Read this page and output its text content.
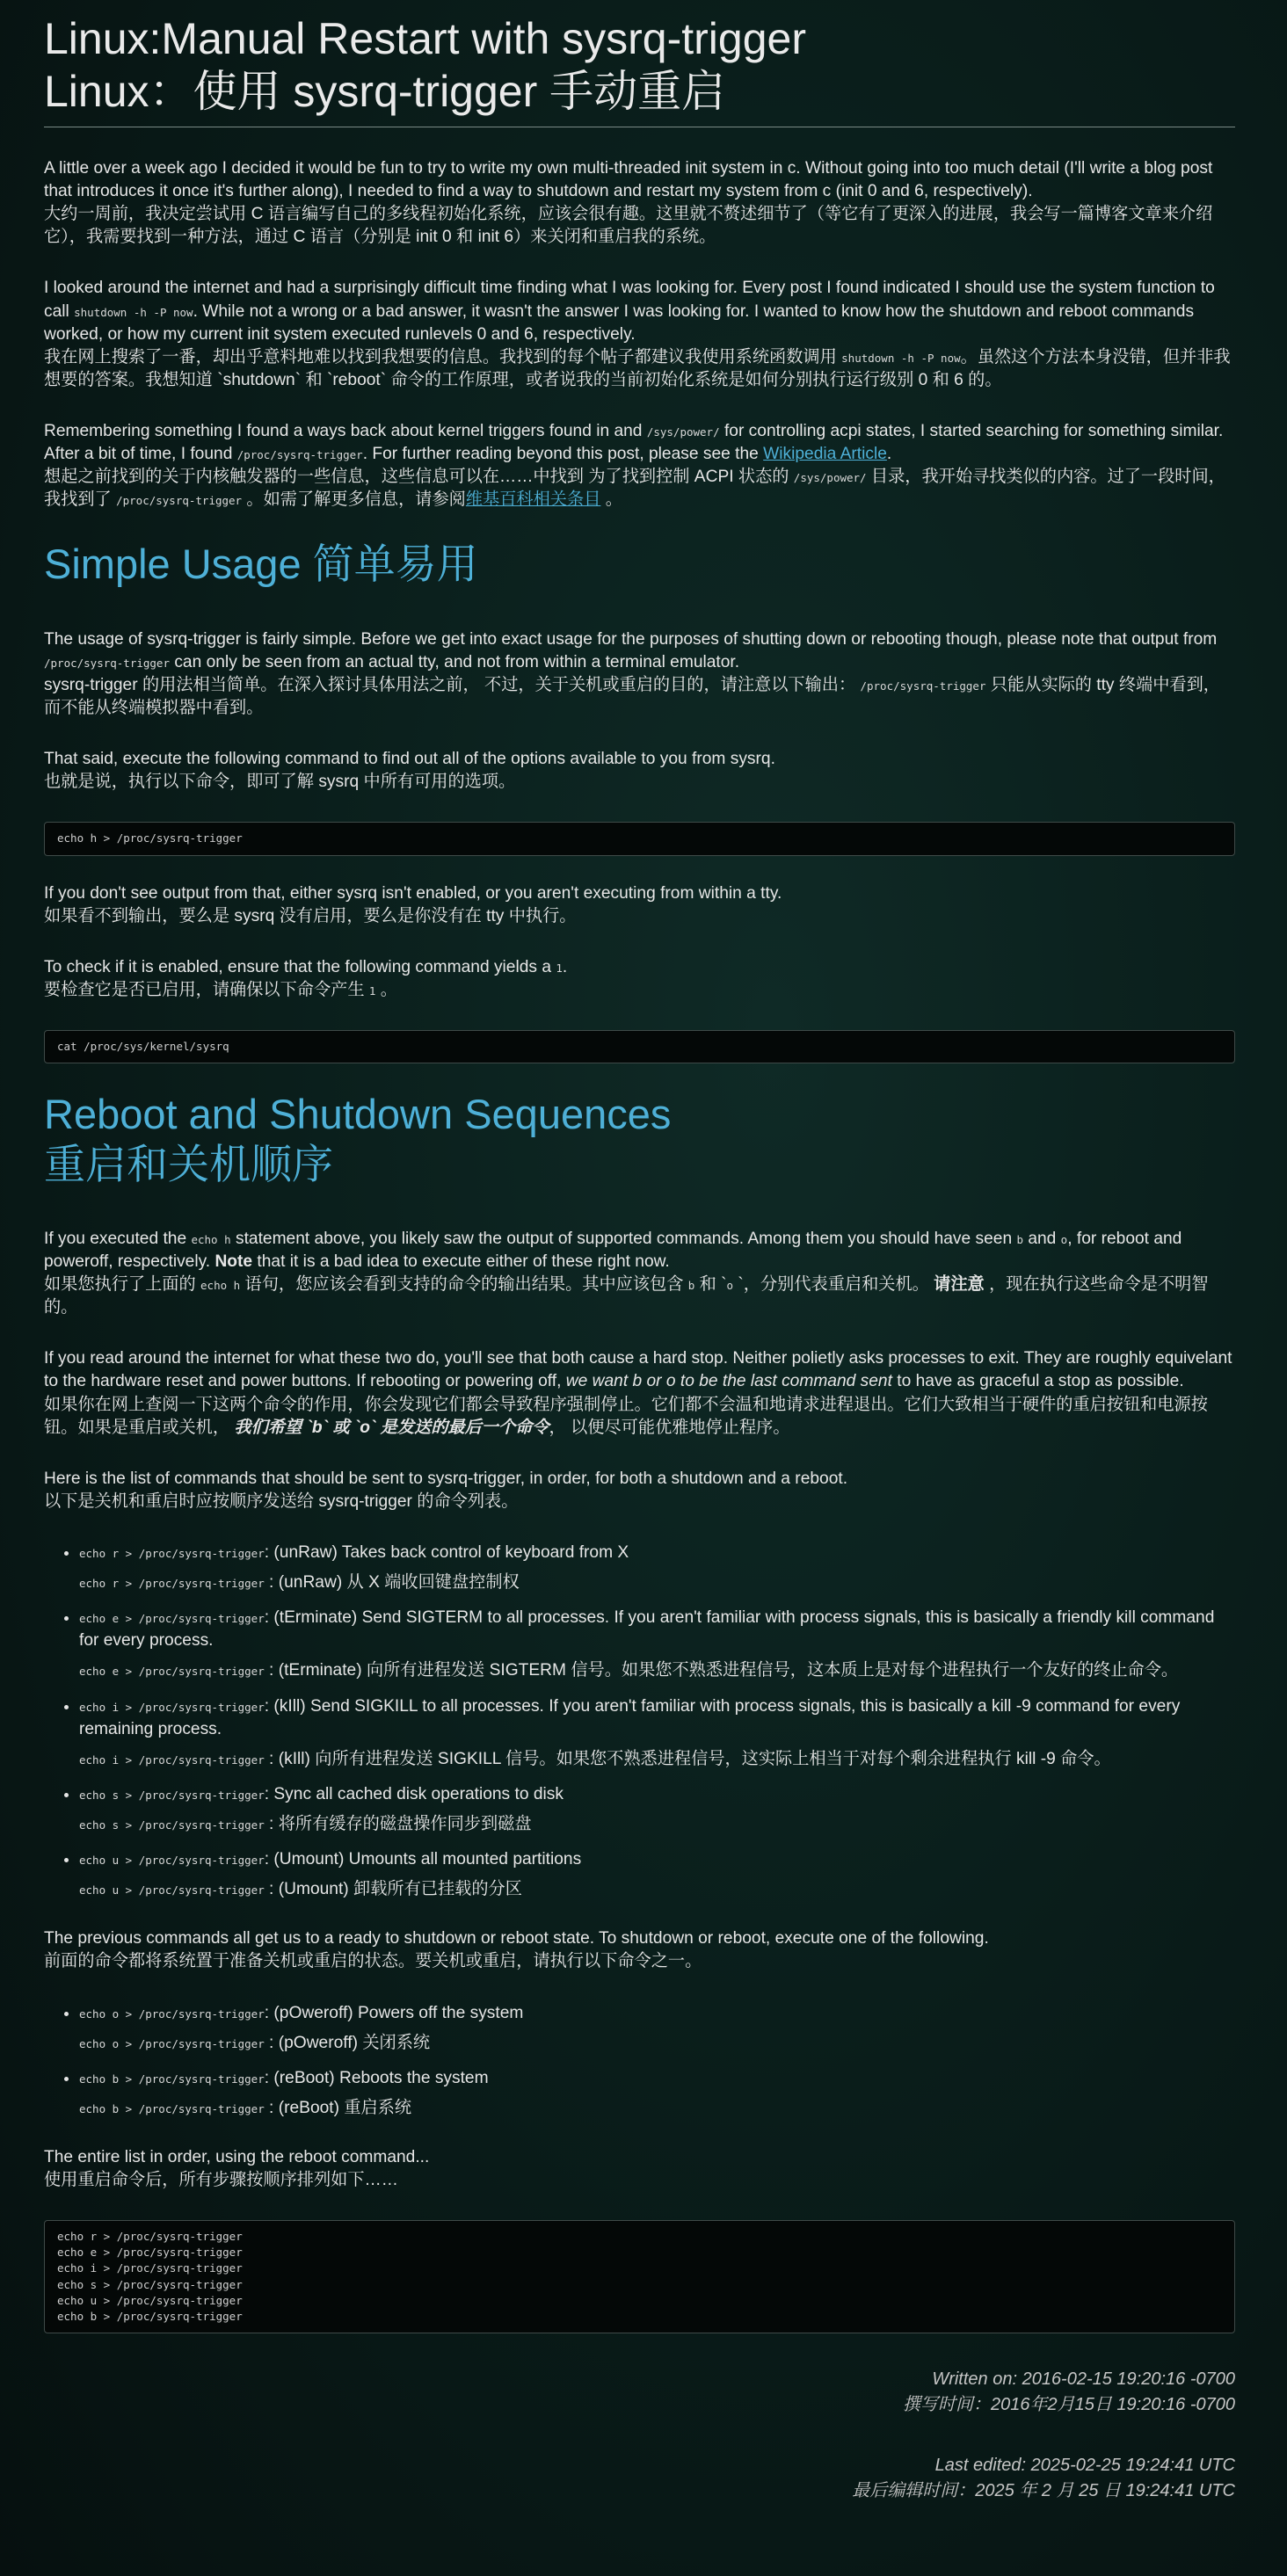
Linux:Manual Restart with sysrq-trigger
Linux：使用 sysrq-trigger 手动重启

A little over a week ago I decided it would be fun to try to write my own multi-threaded init system in c. Without going into too much detail (I'll write a blog post that introduces it once it's further along), I needed to find a way to shutdown and restart my system from c (init 0 and 6, respectively).
大约一周前，我决定尝试用 C 语言编写自己的多线程初始化系统，应该会很有趣。这里就不赘述细节了（等它有了更深入的进展，我会写一篇博客文章来介绍它），我需要找到一种方法，通过 C 语言（分别是 init 0 和 init 6）来关闭和重启我的系统。

I looked around the internet and had a surprisingly difficult time finding what I was looking for. Every post I found indicated I should use the system function to call shutdown -h -P now. While not a wrong or a bad answer, it wasn't the answer I was looking for. I wanted to know how the shutdown and reboot commands worked, or how my current init system executed runlevels 0 and 6, respectively.
我在网上搜索了一番，却出乎意料地难以找到我想要的信息。我找到的每个帖子都建议我使用系统函数调用 shutdown -h -P now。虽然这个方法本身没错，但并非我想要的答案。我想知道 `shutdown` 和 `reboot` 命令的工作原理，或者说我的当前初始化系统是如何分别执行运行级别 0 和 6 的。

Remembering something I found a ways back about kernel triggers found in and /sys/power/ for controlling acpi states, I started searching for something similar. After a bit of time, I found /proc/sysrq-trigger. For further reading beyond this post, please see the Wikipedia Article.
想起之前找到的关于内核触发器的一些信息，这些信息可以在……中找到 为了找到控制 ACPI 状态的 /sys/power/ 目录，我开始寻找类似的内容。过了一段时间，我找到了 /proc/sysrq-trigger 。如需了解更多信息，请参阅维基百科相关条目 。

Simple Usage 简单易用

The usage of sysrq-trigger is fairly simple. Before we get into exact usage for the purposes of shutting down or rebooting though, please note that output from /proc/sysrq-trigger can only be seen from an actual tty, and not from within a terminal emulator.
sysrq-trigger 的用法相当简单。在深入探讨具体用法之前， 不过，关于关机或重启的目的，请注意以下输出： /proc/sysrq-trigger 只能从实际的 tty 终端中看到，而不能从终端模拟器中看到。

That said, execute the following command to find out all of the options available to you from sysrq.
也就是说，执行以下命令，即可了解 sysrq 中所有可用的选项。

echo h > /proc/sysrq-trigger

If you don't see output from that, either sysrq isn't enabled, or you aren't executing from within a tty.
如果看不到输出，要么是 sysrq 没有启用，要么是你没有在 tty 中执行。

To check if it is enabled, ensure that the following command yields a 1.
要检查它是否已启用，请确保以下命令产生 1 。

cat /proc/sys/kernel/sysrq
Reboot and Shutdown Sequences
重启和关机顺序

If you executed the echo h statement above, you likely saw the output of supported commands. Among them you should have seen b and o, for reboot and poweroff, respectively. Note that it is a bad idea to execute either of these right now.
如果您执行了上面的 echo h 语句，您应该会看到支持的命令的输出结果。其中应该包含 b 和 `o `，分别代表重启和关机。 请注意 ，现在执行这些命令是不明智的。

If you read around the internet for what these two do, you'll see that both cause a hard stop. Neither polietly asks processes to exit. They are roughly equivelant to the hardware reset and power buttons. If rebooting or powering off, we want b or o to be the last command sent to have as graceful a stop as possible.
如果你在网上查阅一下这两个命令的作用，你会发现它们都会导致程序强制停止。它们都不会温和地请求进程退出。它们大致相当于硬件的重启按钮和电源按钮。如果是重启或关机， 我们希望 `b` 或 `o` 是发送的最后一个命令， 以便尽可能优雅地停止程序。

Here is the list of commands that should be sent to sysrq-trigger, in order, for both a shutdown and a reboot.
以下是关机和重启时应按顺序发送给 sysrq-trigger 的命令列表。

• echo r > /proc/sysrq-trigger: (unRaw) Takes back control of keyboard from X
echo r > /proc/sysrq-trigger : (unRaw) 从 X 端收回键盘控制权
• echo e > /proc/sysrq-trigger: (tErminate) Send SIGTERM to all processes. If you aren't familiar with process signals, this is basically a friendly kill command for every process.
echo e > /proc/sysrq-trigger : (tErminate) 向所有进程发送 SIGTERM 信号。如果您不熟悉进程信号，这本质上是对每个进程执行一个友好的终止命令。
• echo i > /proc/sysrq-trigger: (kIll) Send SIGKILL to all processes. If you aren't familiar with process signals, this is basically a kill -9 command for every remaining process.
echo i > /proc/sysrq-trigger : (kIll) 向所有进程发送 SIGKILL 信号。如果您不熟悉进程信号，这实际上相当于对每个剩余进程执行 kill -9 命令。
• echo s > /proc/sysrq-trigger: Sync all cached disk operations to disk
echo s > /proc/sysrq-trigger : 将所有缓存的磁盘操作同步到磁盘
• echo u > /proc/sysrq-trigger: (Umount) Umounts all mounted partitions
echo u > /proc/sysrq-trigger : (Umount) 卸载所有已挂载的分区

The previous commands all get us to a ready to shutdown or reboot state. To shutdown or reboot, execute one of the following.
前面的命令都将系统置于准备关机或重启的状态。要关机或重启，请执行以下命令之一。

• echo o > /proc/sysrq-trigger: (pOweroff) Powers off the system
echo o > /proc/sysrq-trigger : (pOweroff) 关闭系统
• echo b > /proc/sysrq-trigger: (reBoot) Reboots the system
echo b > /proc/sysrq-trigger : (reBoot) 重启系统

The entire list in order, using the reboot command...
使用重启命令后，所有步骤按顺序排列如下……

echo r > /proc/sysrq-trigger
echo e > /proc/sysrq-trigger
echo i > /proc/sysrq-trigger
echo s > /proc/sysrq-trigger
echo u > /proc/sysrq-trigger
echo b > /proc/sysrq-trigger
Written on: 2016-02-15 19:20:16 -0700
撰写时间：2016年2月15日 19:20:16 -0700
Last edited: 2025-02-25 19:24:41 UTC
最后编辑时间：2025 年 2 月 25 日 19:24:41 UTC
